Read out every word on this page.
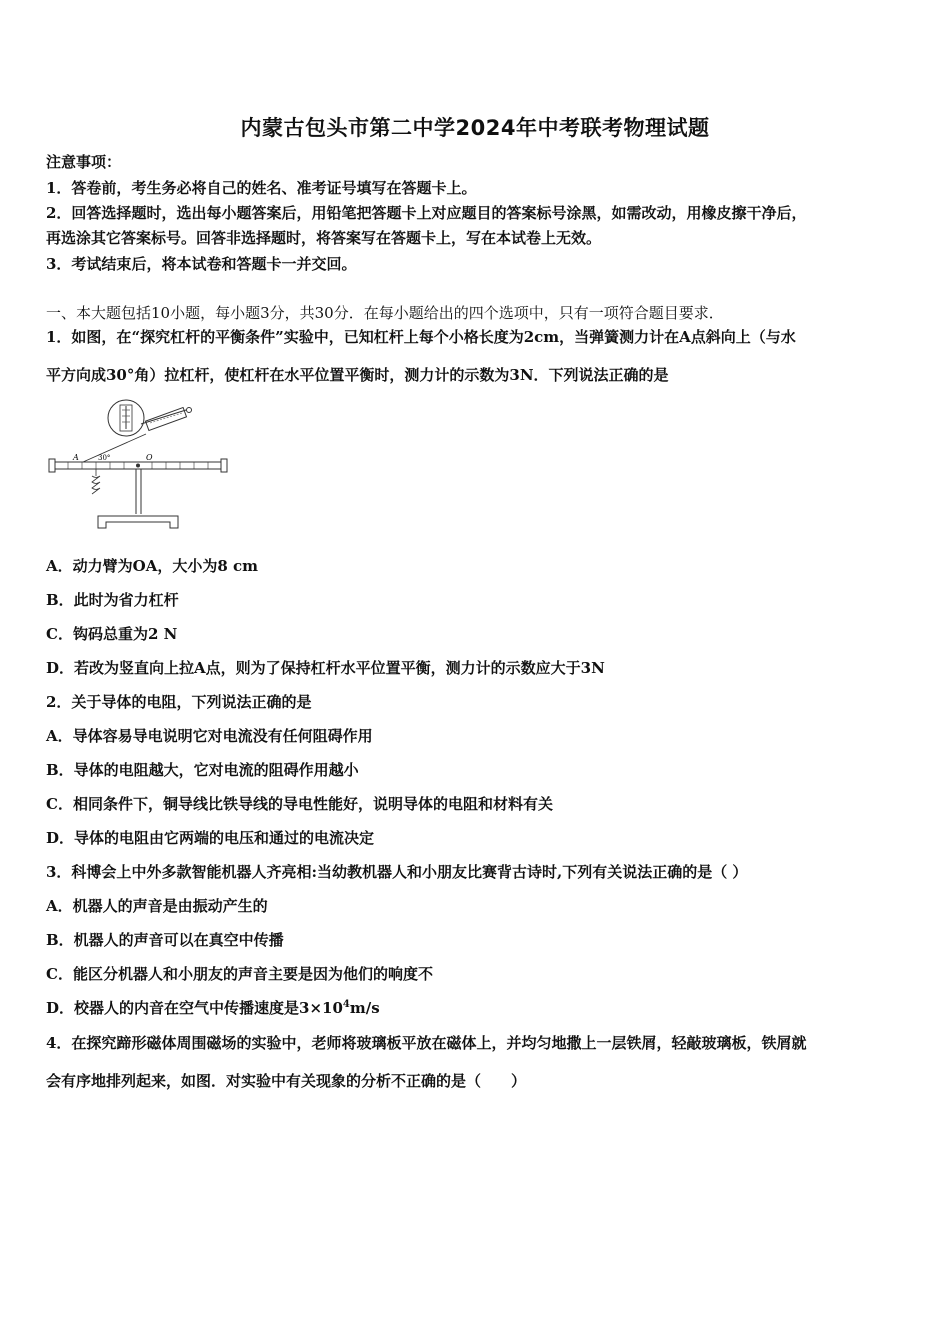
内蒙古包头市第二中学2024年中考联考物理试题
注意事项：
1．答卷前，考生务必将自己的姓名、准考证号填写在答题卡上。
2．回答选择题时，选出每小题答案后，用铅笔把答题卡上对应题目的答案标号涂黑，如需改动，用橡皮擦干净后，
再选涂其它答案标号。回答非选择题时，将答案写在答题卡上，写在本试卷上无效。
3．考试结束后，将本试卷和答题卡一并交回。
一、本大题包括10小题，每小题3分，共30分．在每小题给出的四个选项中，只有一项符合题目要求．
1．如图，在“探究杠杆的平衡条件”实验中，已知杠杆上每个小格长度为2cm，当弹簧测力计在A点斜向上（与水
平方向成30°角）拉杠杆，使杠杆在水平位置平衡时，测力计的示数为3N．下列说法正确的是
A	30°	O
A．动力臂为OA，大小为8 cm
B．此时为省力杠杆
C．钩码总重为2 N
D．若改为竖直向上拉A点，则为了保持杠杆水平位置平衡，测力计的示数应大于3N
2．关于导体的电阻，下列说法正确的是
A．导体容易导电说明它对电流没有任何阻碍作用
B．导体的电阻越大，它对电流的阻碍作用越小
C．相同条件下，铜导线比铁导线的导电性能好，说明导体的电阻和材料有关
D．导体的电阻由它两端的电压和通过的电流决定
3．科博会上中外多款智能机器人齐亮相:当幼教机器人和小朋友比赛背古诗时,下列有关说法正确的是（ ）
A．机器人的声音是由振动产生的
B．机器人的声音可以在真空中传播
C．能区分机器人和小朋友的声音主要是因为他们的响度不
D．校器人的内音在空气中传播速度是$3\times 10^4m/s$
4．在探究蹄形磁体周围磁场的实验中，老师将玻璃板平放在磁体上，并均匀地撒上一层铁屑，轻敲玻璃板，铁屑就
会有序地排列起来，如图．对实验中有关现象的分析不正确的是（　　）
